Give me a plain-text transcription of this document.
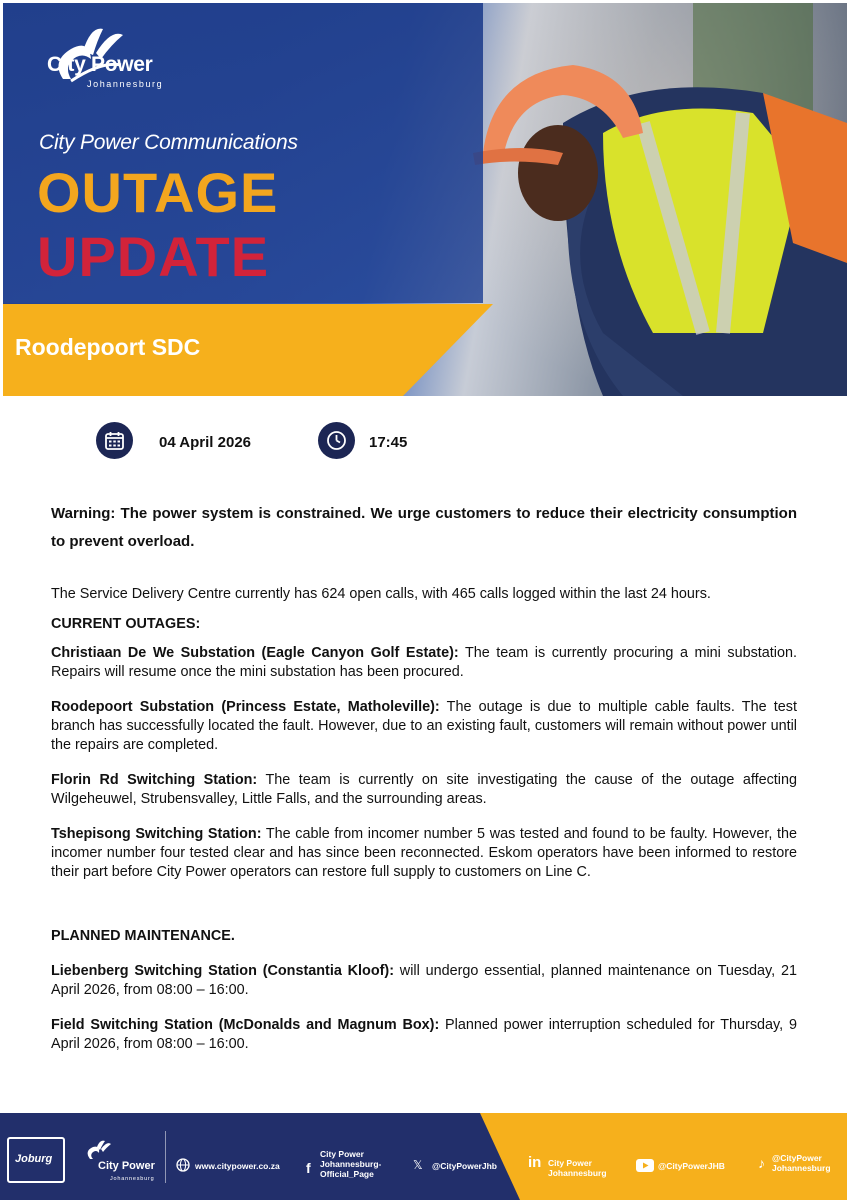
City Power
Johannesburg
City Power Communications
OUTAGE
UPDATE
Roodepoort SDC
04 April 2026	17:45
Warning: The power system is constrained. We urge customers to reduce their electricity consumption to prevent overload.
The Service Delivery Centre currently has 624 open calls, with 465 calls logged within the last 24 hours.
CURRENT OUTAGES:
Christiaan De We Substation (Eagle Canyon Golf Estate): The team is currently procuring a mini substation. Repairs will resume once the mini substation has been procured.
Roodepoort Substation (Princess Estate, Matholeville): The outage is due to multiple cable faults. The test branch has successfully located the fault. However, due to an existing fault, customers will remain without power until the repairs are completed.
Florin Rd Switching Station: The team is currently on site investigating the cause of the outage affecting Wilgeheuwel, Strubensvalley, Little Falls, and the surrounding areas.
Tshepisong Switching Station: The cable from incomer number 5 was tested and found to be faulty. However, the incomer number four tested clear and has since been reconnected. Eskom operators have been informed to restore their part before City Power operators can restore full supply to customers on Line C.
PLANNED MAINTENANCE.
Liebenberg Switching Station (Constantia Kloof): will undergo essential, planned maintenance on Tuesday, 21 April 2026, from 08:00 – 16:00.
Field Switching Station (McDonalds and Magnum Box): Planned power interruption scheduled for Thursday, 9 April 2026, from 08:00 – 16:00.
Joburg
City Power
Johannesburg
www.citypower.co.za f
City Power Johannesburg-Official_Page
𝕏 @CityPowerJhb in City Power Johannesburg
@CityPowerJHB ♪ @CityPower Johannesburg
